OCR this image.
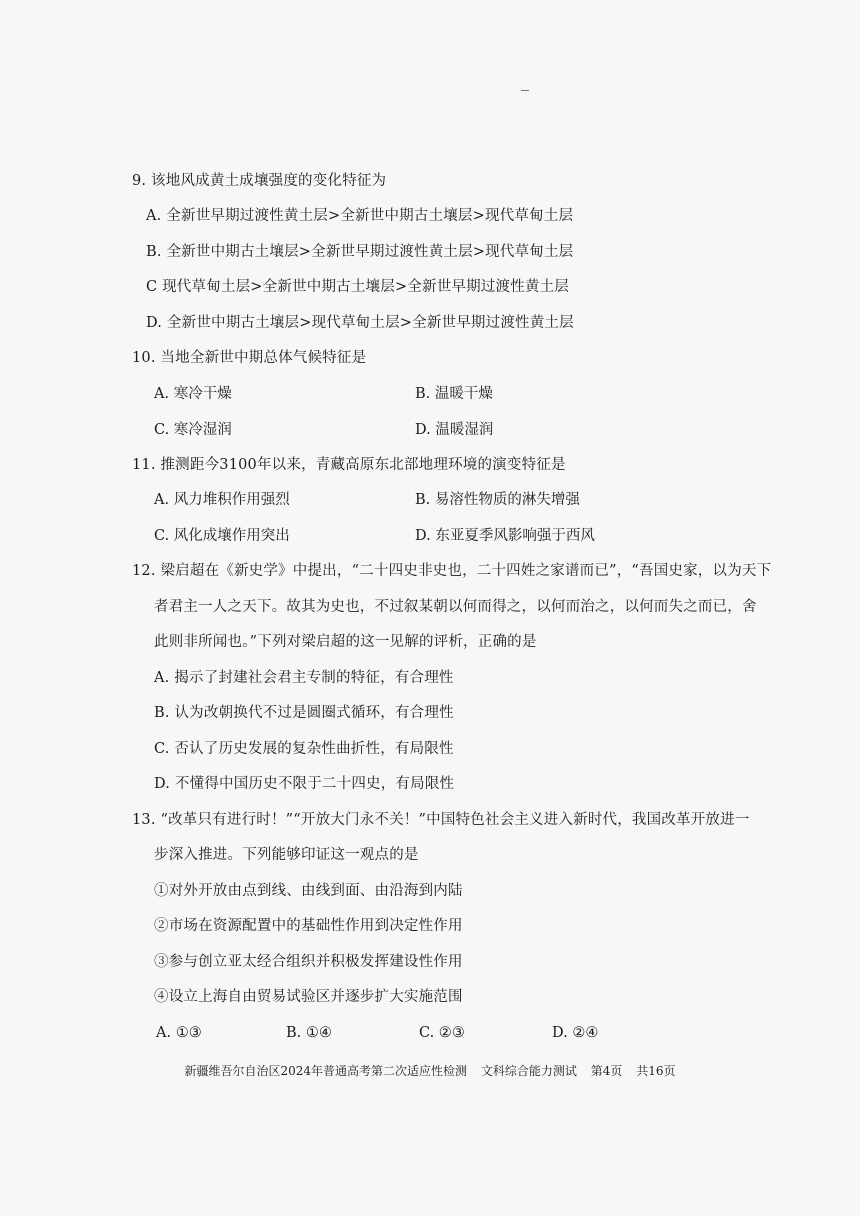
9. 该地风成黄土成壤强度的变化特征为
A. 全新世早期过渡性黄土层>全新世中期古土壤层>现代草甸土层
B. 全新世中期古土壤层>全新世早期过渡性黄土层>现代草甸土层
C 现代草甸土层>全新世中期古土壤层>全新世早期过渡性黄土层
D. 全新世中期古土壤层>现代草甸土层>全新世早期过渡性黄土层
10. 当地全新世中期总体气候特征是
A. 寒冷干燥	B. 温暖干燥
C. 寒冷湿润	D. 温暖湿润
11. 推测距今3100年以来，青藏高原东北部地理环境的演变特征是
A. 风力堆积作用强烈	B. 易溶性物质的淋失增强
C. 风化成壤作用突出	D. 东亚夏季风影响强于西风
12. 梁启超在《新史学》中提出，“二十四史非史也，二十四姓之家谱而已”，“吾国史家，以为天下
者君主一人之天下。故其为史也，不过叙某朝以何而得之，以何而治之，以何而失之而已，舍
此则非所闻也。”下列对梁启超的这一见解的评析，正确的是
A. 揭示了封建社会君主专制的特征，有合理性
B. 认为改朝换代不过是圆圈式循环，有合理性
C. 否认了历史发展的复杂性曲折性，有局限性
D. 不懂得中国历史不限于二十四史，有局限性
13. “改革只有进行时！”“开放大门永不关！”中国特色社会主义进入新时代，我国改革开放进一
步深入推进。下列能够印证这一观点的是
①对外开放由点到线、由线到面、由沿海到内陆
②市场在资源配置中的基础性作用到决定性作用
③参与创立亚太经合组织并积极发挥建设性作用
④设立上海自由贸易试验区并逐步扩大实施范围
A. ①③	B. ①④	C. ②③	D. ②④
新疆维吾尔自治区2024年普通高考第二次适应性检测 文科综合能力测试 第4页 共16页
